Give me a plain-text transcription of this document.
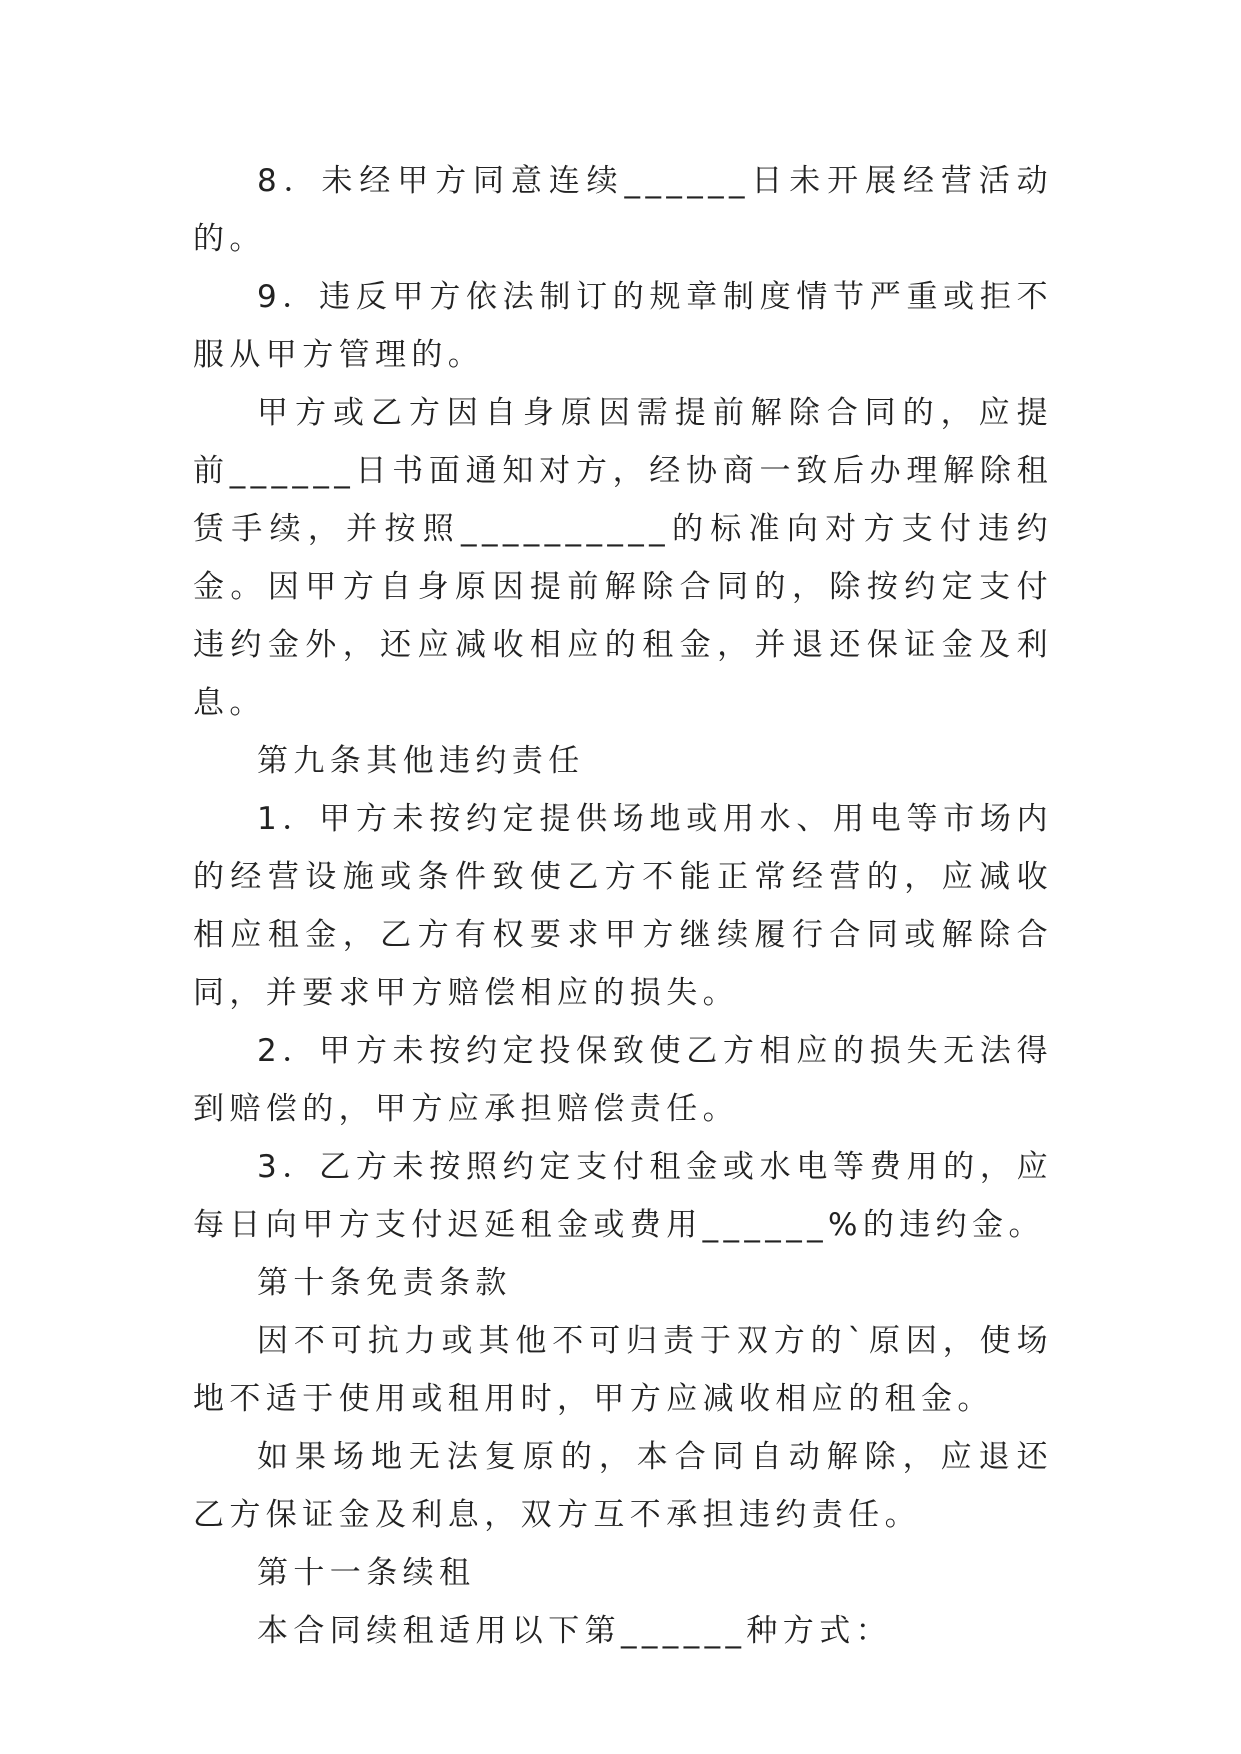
8．未经甲方同意连续______日未开展经营活动的。

9．违反甲方依法制订的规章制度情节严重或拒不服从甲方管理的。

甲方或乙方因自身原因需提前解除合同的，应提前______日书面通知对方，经协商一致后办理解除租赁手续，并按照__________的标准向对方支付违约金。因甲方自身原因提前解除合同的，除按约定支付违约金外，还应减收相应的租金，并退还保证金及利息。

第九条其他违约责任

1．甲方未按约定提供场地或用水、用电等市场内的经营设施或条件致使乙方不能正常经营的，应减收相应租金，乙方有权要求甲方继续履行合同或解除合同，并要求甲方赔偿相应的损失。

2．甲方未按约定投保致使乙方相应的损失无法得到赔偿的，甲方应承担赔偿责任。

3．乙方未按照约定支付租金或水电等费用的，应每日向甲方支付迟延租金或费用______%的违约金。

第十条免责条款

因不可抗力或其他不可归责于双方的`原因，使场地不适于使用或租用时，甲方应减收相应的租金。

如果场地无法复原的，本合同自动解除，应退还乙方保证金及利息，双方互不承担违约责任。

第十一条续租

本合同续租适用以下第______种方式：
